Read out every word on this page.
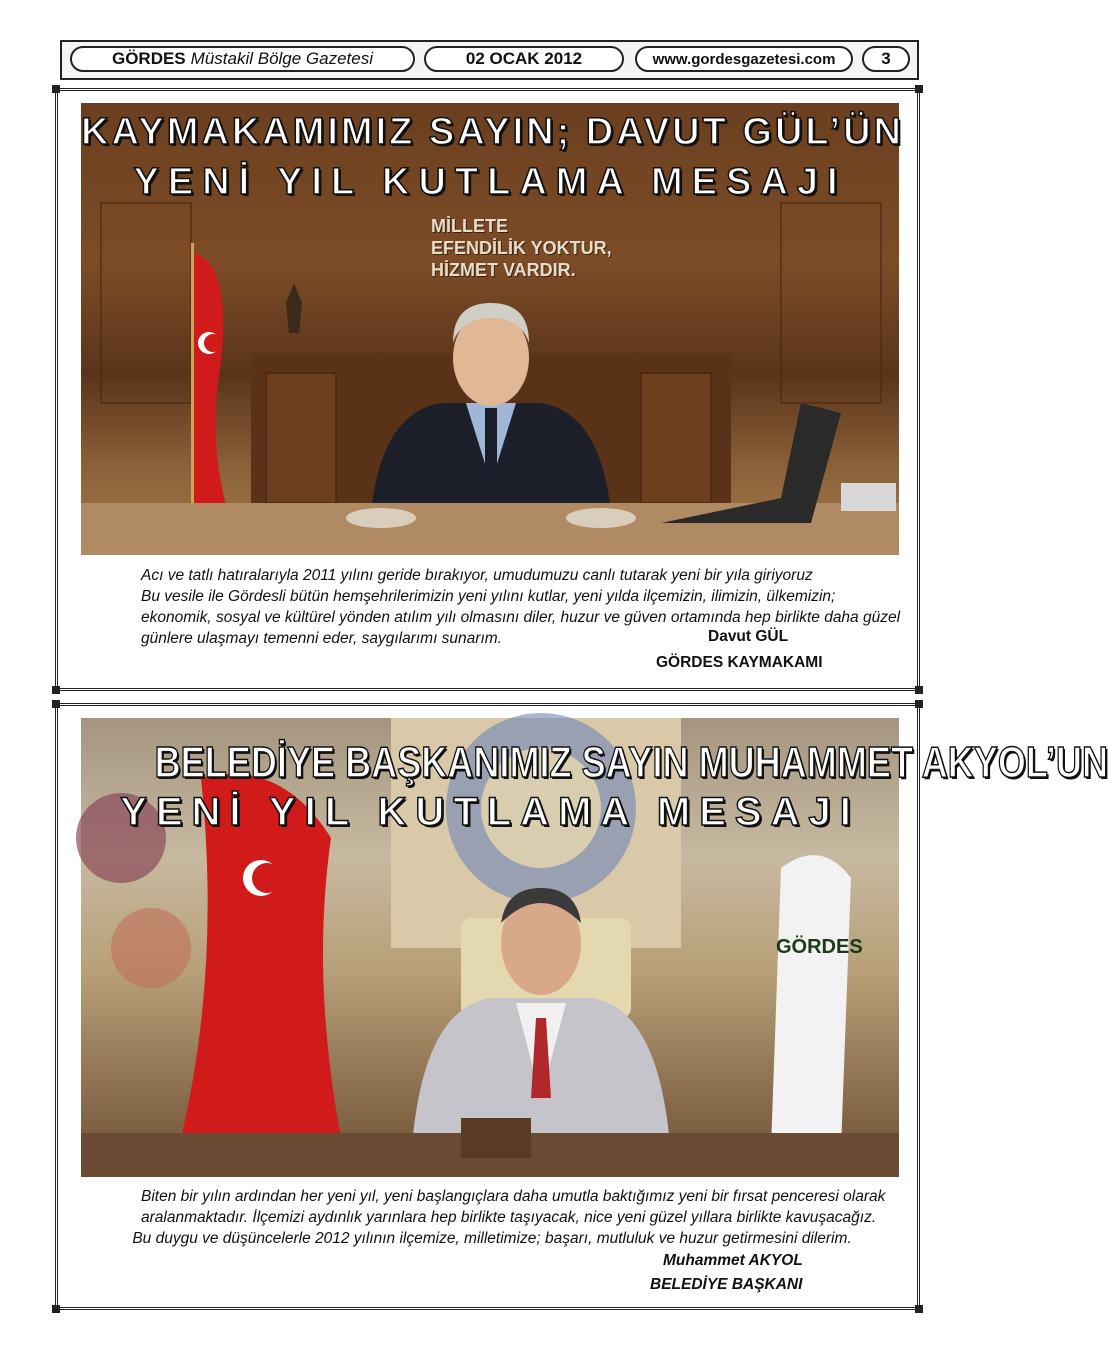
GÖRDES Müstakil Bölge Gazetesi	02 OCAK 2012	www.gordesgazetesi.com	3
KAYMAKAMIMIZ SAYIN; DAVUT GÜL’ÜN
YENİ YIL KUTLAMA MESAJI
MİLLETE
EFENDİLİK YOKTUR,
HİZMET VARDIR.
Acı ve tatlı hatıralarıyla 2011 yılını geride bırakıyor, umudumuzu canlı tutarak yeni bir yıla giriyoruz
Bu vesile ile Gördesli bütün hemşehrilerimizin yeni yılını kutlar, yeni yılda ilçemizin, ilimizin, ülkemizin; ekonomik, sosyal ve kültürel yönden atılım yılı olmasını diler, huzur ve güven ortamında hep birlikte daha güzel günlere ulaşmayı temenni eder, saygılarımı sunarım.	Davut GÜL
GÖRDES KAYMAKAMI
GÖRDES
BELEDİYE BAŞKANIMIZ SAYIN MUHAMMET AKYOL’UN
YENİ YIL KUTLAMA MESAJI
Biten bir yılın ardından her yeni yıl, yeni başlangıçlara daha umutla baktığımız yeni bir fırsat penceresi olarak aralanmaktadır. İlçemizi aydınlık yarınlara hep birlikte taşıyacak, nice yeni güzel yıllara birlikte kavuşacağız.
Bu duygu ve düşüncelerle 2012 yılının ilçemize, milletimize; başarı, mutluluk ve huzur getirmesini dilerim.
Muhammet AKYOL
BELEDİYE BAŞKANI
